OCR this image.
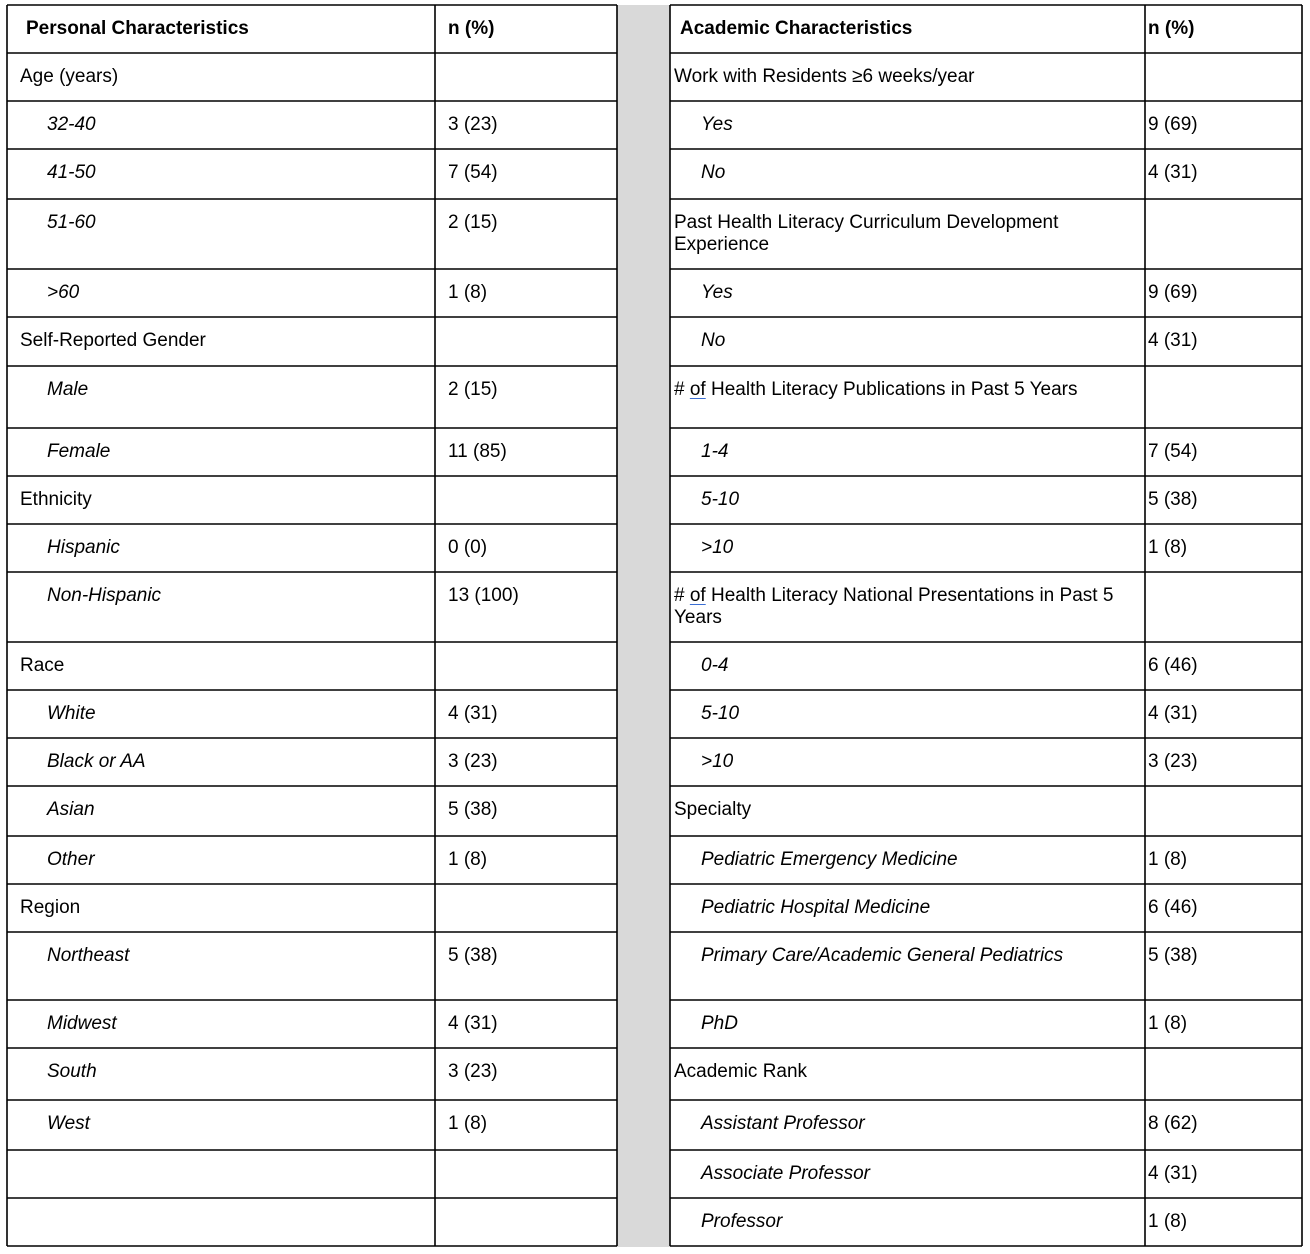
Personal Characteristics	n (%)
Age (years)
32-40	3 (23)
41-50	7 (54)
51-60	2 (15)
>60	1 (8)
Self-Reported Gender
Male	2 (15)
Female	11 (85)
Ethnicity
Hispanic	0 (0)
Non-Hispanic	13 (100)
Race
White	4 (31)
Black or AA	3 (23)
Asian	5 (38)
Other	1 (8)
Region
Northeast	5 (38)
Midwest	4 (31)
South	3 (23)
West	1 (8)
Academic Characteristics	n (%)
Work with Residents ≥6 weeks/year
Yes	9 (69)
No	4 (31)
Past Health Literacy Curriculum Development
Experience
Yes	9 (69)
No	4 (31)
# of Health Literacy Publications in Past 5 Years
1-4	7 (54)
5-10	5 (38)
>10	1 (8)
# of Health Literacy National Presentations in Past 5
Years
0-4	6 (46)
5-10	4 (31)
>10	3 (23)
Specialty
Pediatric Emergency Medicine	1 (8)
Pediatric Hospital Medicine	6 (46)
Primary Care/Academic General Pediatrics	5 (38)
PhD	1 (8)
Academic Rank
Assistant Professor	8 (62)
Associate Professor	4 (31)
Professor	1 (8)
